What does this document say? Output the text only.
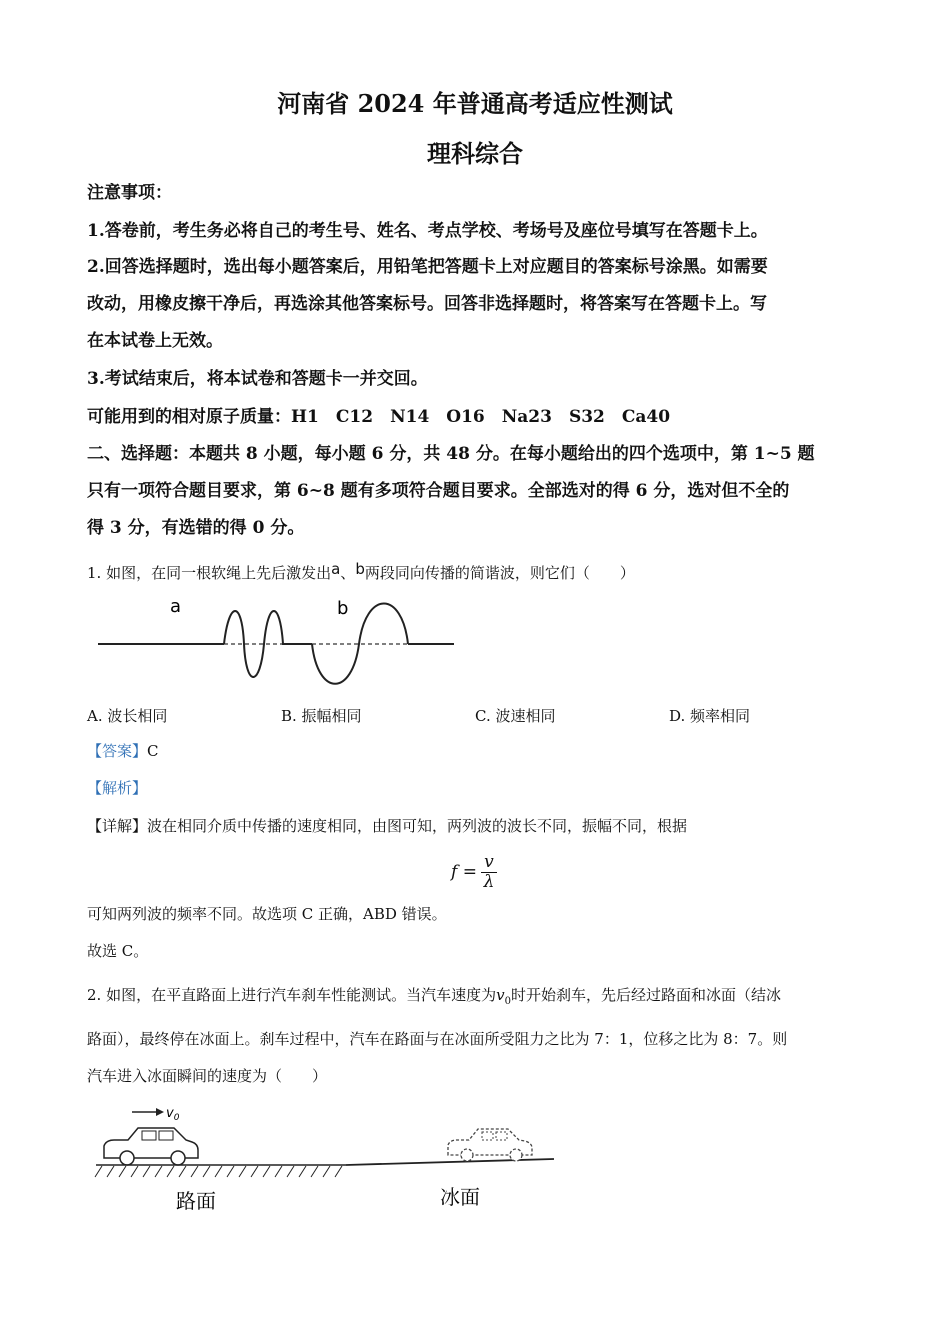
河南省 2024 年普通高考适应性测试
理科综合
注意事项：
1.答卷前，考生务必将自己的考生号、姓名、考点学校、考场号及座位号填写在答题卡上。
2.回答选择题时，选出每小题答案后，用铅笔把答题卡上对应题目的答案标号涂黑。如需要
改动，用橡皮擦干净后，再选涂其他答案标号。回答非选择题时，将答案写在答题卡上。写
在本试卷上无效。
3.考试结束后，将本试卷和答题卡一并交回。
可能用到的相对原子质量：H1　C12　N14　O16　Na23　S32　Ca40
二、选择题：本题共 8 小题，每小题 6 分，共 48 分。在每小题给出的四个选项中，第 1~5 题
只有一项符合题目要求，第 6~8 题有多项符合题目要求。全部选对的得 6 分，选对但不全的
得 3 分，有选错的得 0 分。
1. 如图，在同一根软绳上先后激发出a、b两段同向传播的简谐波，则它们（　　）
a	b
A. 波长相同	B. 振幅相同	C. 波速相同	D. 频率相同
【答案】C
【解析】
【详解】波在相同介质中传播的速度相同，由图可知，两列波的波长不同，振幅不同，根据
f =
v
λ
可知两列波的频率不同。故选项 C 正确，ABD 错误。
故选 C。
2. 如图，在平直路面上进行汽车刹车性能测试。当汽车速度为$v_0$时开始刹车，先后经过路面和冰面（结冰
路面），最终停在冰面上。刹车过程中，汽车在路面与在冰面所受阻力之比为 7：1，位移之比为 8：7。则
汽车进入冰面瞬间的速度为（　　）
$v_0$
路面	冰面
